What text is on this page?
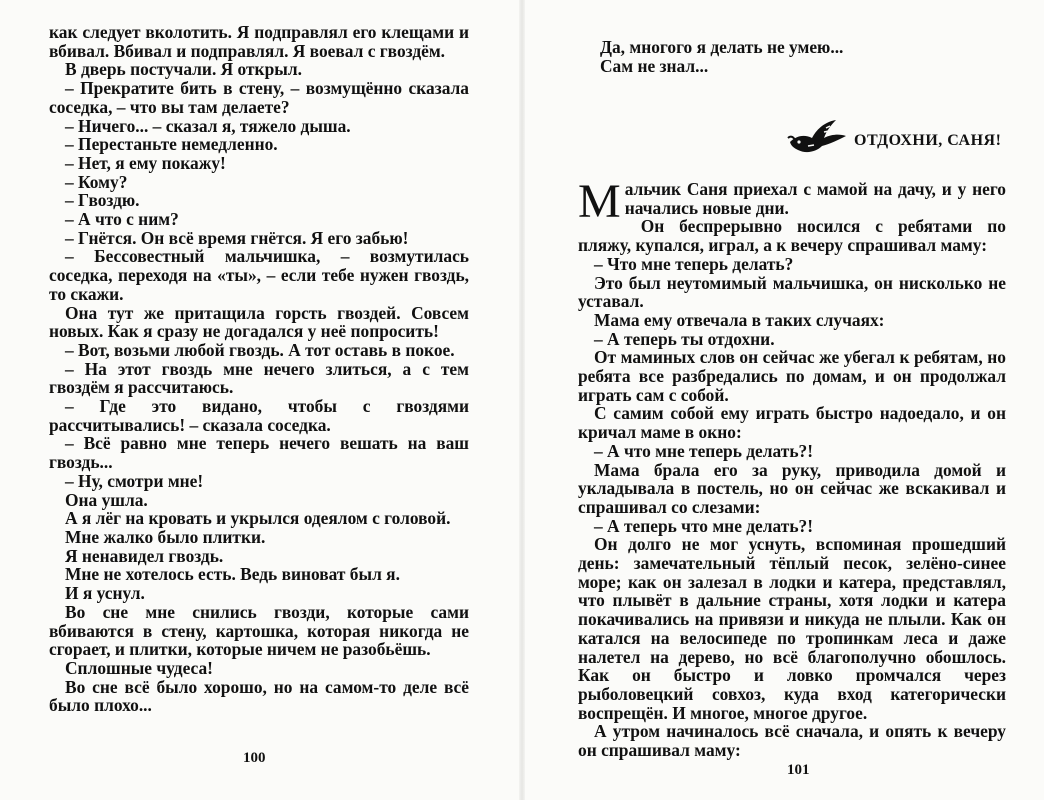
как следует вколотить. Я подправлял его клещами и вбивал. Вбивал и подправлял. Я воевал с гвоздём.

В дверь постучали. Я открыл.

– Прекратите бить в стену, – возмущённо сказала соседка, – что вы там делаете?

– Ничего... – сказал я, тяжело дыша.

– Перестаньте немедленно.

– Нет, я ему покажу!

– Кому?

– Гвоздю.

– А что с ним?

– Гнётся. Он всё время гнётся. Я его забью!

– Бессовестный мальчишка, – возмутилась соседка, переходя на «ты», – если тебе нужен гвоздь, то скажи.

Она тут же притащила горсть гвоздей. Совсем новых. Как я сразу не догадался у неё попросить!

– Вот, возьми любой гвоздь. А тот оставь в покое.

– На этот гвоздь мне нечего злиться, а с тем гвоздём я рассчитаюсь.

– Где это видано, чтобы с гвоздями рассчитывались! – сказала соседка.

– Всё равно мне теперь нечего вешать на ваш гвоздь...

– Ну, смотри мне!

Она ушла.

А я лёг на кровать и укрылся одеялом с головой.

Мне жалко было плитки.

Я ненавидел гвоздь.

Мне не хотелось есть. Ведь виноват был я.

И я уснул.

Во сне мне снились гвозди, которые сами вбиваются в стену, картошка, которая никогда не сгорает, и плитки, которые ничем не разобьёшь.

Сплошные чудеса!

Во сне всё было хорошо, но на самом-то деле всё было плохо...

100

Да, многого я делать не умею...

Сам не знал...

ОТДОХНИ, САНЯ!

Мальчик Саня приехал с мамой на дачу, и у него начались новые дни.

Он беспрерывно носился с ребятами по пляжу, купался, играл, а к вечеру спрашивал маму:

– Что мне теперь делать?

Это был неутомимый мальчишка, он нисколько не уставал.

Мама ему отвечала в таких случаях:

– А теперь ты отдохни.

От маминых слов он сейчас же убегал к ребятам, но ребята все разбредались по домам, и он продолжал играть сам с собой.

С самим собой ему играть быстро надоедало, и он кричал маме в окно:

– А что мне теперь делать?!

Мама брала его за руку, приводила домой и укладывала в постель, но он сейчас же вскакивал и спрашивал со слезами:

– А теперь что мне делать?!

Он долго не мог уснуть, вспоминая прошедший день: замечательный тёплый песок, зелёно-синее море; как он залезал в лодки и катера, представлял, что плывёт в дальние страны, хотя лодки и катера покачивались на привязи и никуда не плыли. Как он катался на велосипеде по тропинкам леса и даже налетел на дерево, но всё благополучно обошлось. Как он быстро и ловко промчался через рыболовецкий совхоз, куда вход категорически воспрещён. И многое, многое другое.

А утром начиналось всё сначала, и опять к вечеру он спрашивал маму:

101
